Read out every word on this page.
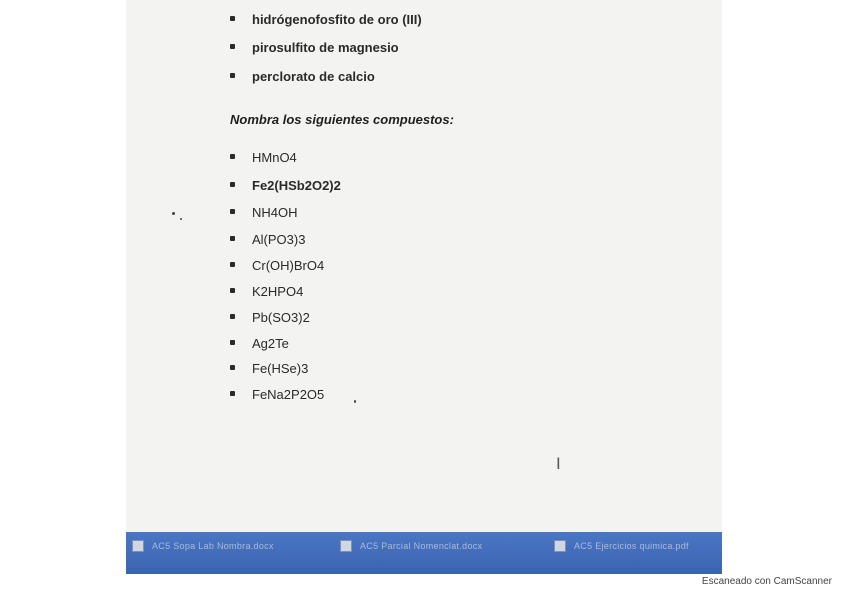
hidrógenofosfito de oro (III)
pirosulfito de magnesio
perclorato de calcio

Nombra los siguientes compuestos:

HMnO4
Fe2(HSb2O2)2
NH4OH
Al(PO3)3
Cr(OH)BrO4
K2HPO4
Pb(SO3)2
Ag2Te
Fe(HSe)3
FeNa2P2O5
I
AC5 Sopa Lab Nombra.docx	AC5 Parcial Nomenclat.docx	AC5 Ejercicios quimica.pdf
Escaneado con CamScanner
